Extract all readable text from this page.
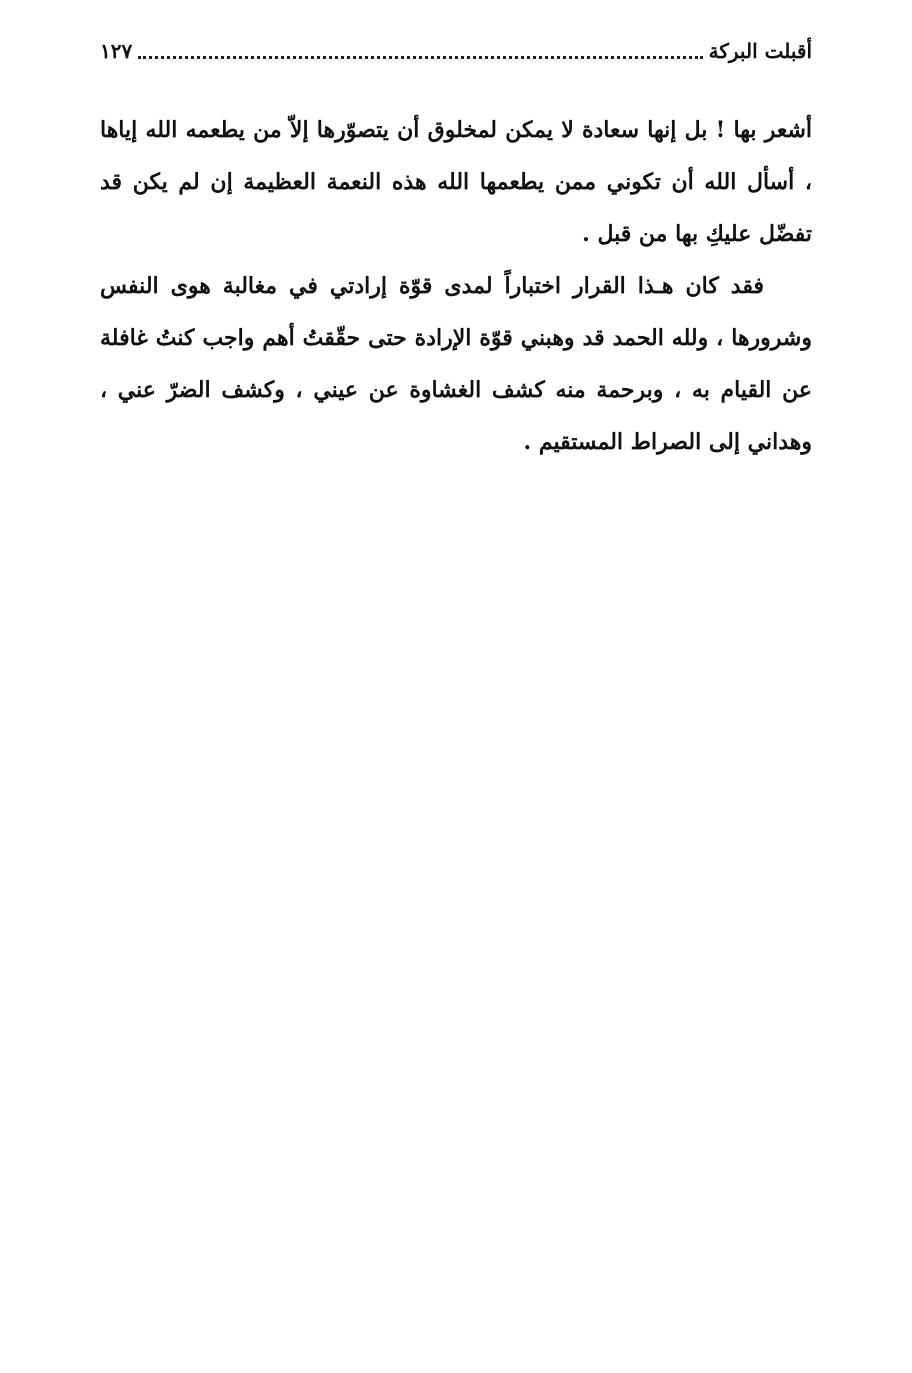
أقبلت البركة
١٢٧

أشعر بها ! بل إنها سعادة لا يمكن لمخلوق أن يتصوّرها إلاّ من يطعمه الله إياها ، أسأل الله أن تكوني ممن يطعمها الله هذه النعمة العظيمة إن لم يكن قد تفضّل عليكِ بها من قبل .

فقد كان هـذا القرار اختباراً لمدى قوّة إرادتي في مغالبة هوى النفس وشرورها ، ولله الحمد قد وهبني قوّة الإرادة حتى حقّقتُ أهم واجب كنتُ غافلة عن القيام به ، وبرحمة منه كشف الغشاوة عن عيني ، وكشف الضرّ عني ، وهداني إلى الصراط المستقيم .
